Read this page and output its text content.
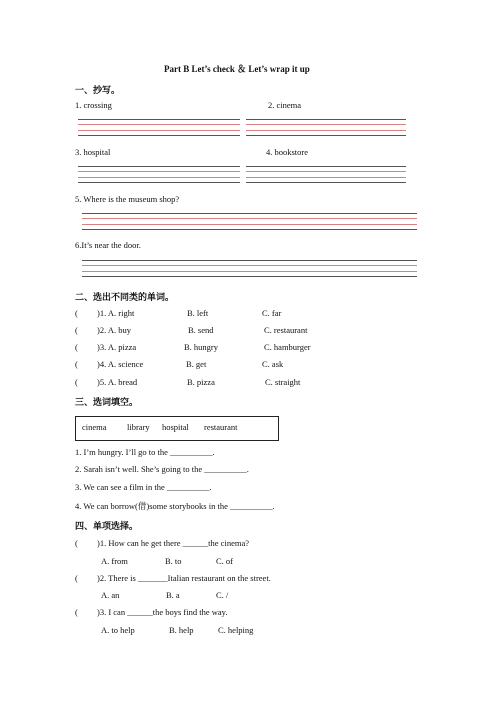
Part B Let’s check ＆ Let’s wrap it up
一、抄写。
1. crossing	2. cinema
3. hospital	4. bookstore
5. Where is the museum shop?
6.It’s near the door.
二、选出不同类的单词。
( )1. A. right	B. left	C. far
( )2. A. buy	B. send	C. restaurant
( )3. A. pizza	B. hungry	C. hamburger
( )4. A. science	B. get	C. ask
( )5. A. bread	B. pizza	C. straight
三、选词填空。
cinema library hospital restaurant
1. I’m hungry. I’ll go to the __________.
2. Sarah isn’t well. She’s going to the __________.
3. We can see a film in the __________.
4. We can borrow(借)some storybooks in the __________.
四、单项选择。
( )1. How can he get there ______the cinema?
A. from	B. to	C. of
( )2. There is _______Italian restaurant on the street.
A. an	B. a	C. /
( )3. I can ______the boys find the way.
A. to help	B. help	C. helping
